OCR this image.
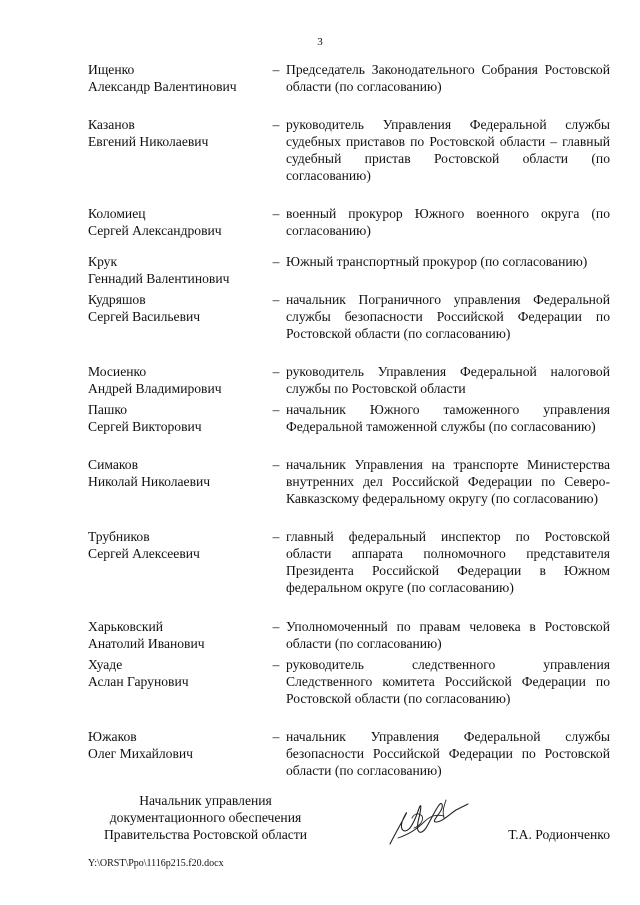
3
Ищенко
Александр Валентинович
– Председатель Законодательного Собрания Ростовской области (по согласованию)
Казанов
Евгений Николаевич
– руководитель Управления Федеральной службы судебных приставов по Ростовской области – главный судебный пристав Ростовской области (по согласованию)
Коломиец
Сергей Александрович
– военный прокурор Южного военного округа (по согласованию)
Крук
Геннадий Валентинович
– Южный транспортный прокурор (по согласованию)
Кудряшов
Сергей Васильевич
– начальник Пограничного управления Федеральной службы безопасности Российской Федерации по Ростовской области (по согласованию)
Мосиенко
Андрей Владимирович
– руководитель Управления Федеральной налоговой службы по Ростовской области
Пашко
Сергей Викторович
– начальник Южного таможенного управления Федеральной таможенной службы (по согласованию)
Симаков
Николай Николаевич
– начальник Управления на транспорте Министерства внутренних дел Российской Федерации по Северо-Кавказскому федеральному округу (по согласованию)
Трубников
Сергей Алексеевич
– главный федеральный инспектор по Ростовской области аппарата полномочного представителя Президента Российской Федерации в Южном федеральном округе (по согласованию)
Харьковский
Анатолий Иванович
– Уполномоченный по правам человека в Ростовской области (по согласованию)
Хуаде
Аслан Гарунович
– руководитель следственного управления Следственного комитета Российской Федерации по Ростовской области (по согласованию)
Южаков
Олег Михайлович
– начальник Управления Федеральной службы безопасности Российской Федерации по Ростовской области (по согласованию)
Начальник управления
документационного обеспечения
Правительства Ростовской области	Т.А. Родионченко
Y:\ORST\Ppo\1116p215.f20.docx
